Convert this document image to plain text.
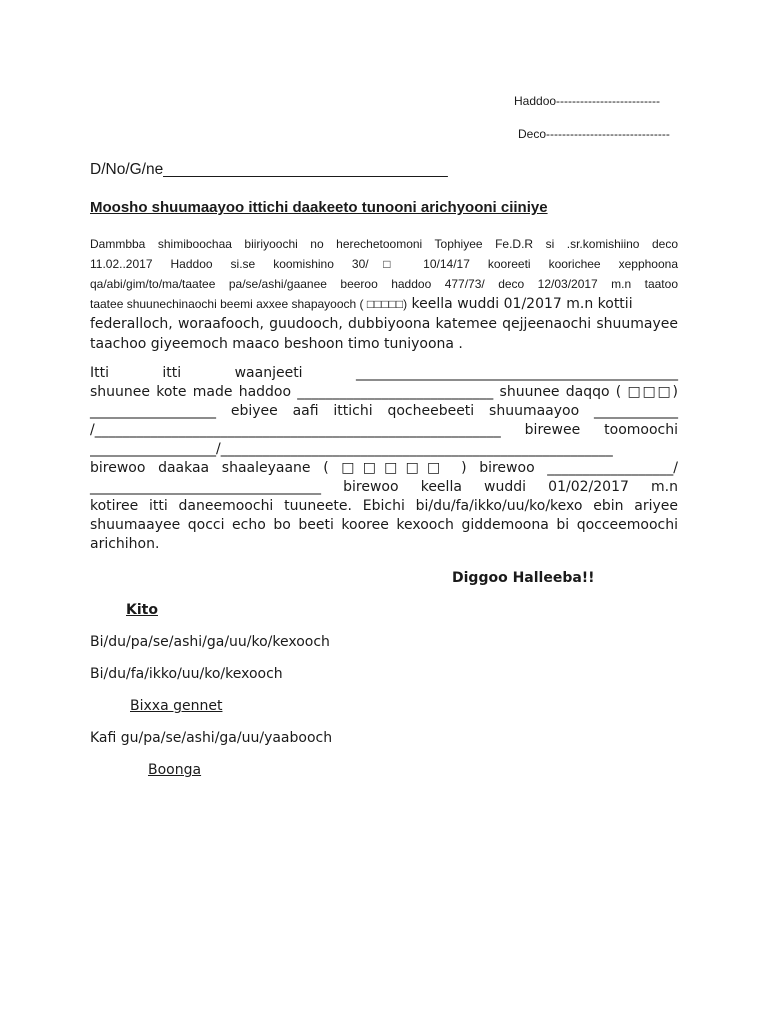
Haddoo--------------------------
Deco-------------------------------
D/No/G/ne_________________________________
Moosho shuumaayoo ittichi daakeeto tunooni arichyooni ciiniye
Dammbba shimiboochaa biiriyoochi no herechetoomoni Tophiyee Fe.D.R si .sr.komishiino deco
11.02..2017 Haddoo si.se koomishino 30/□ 10/14/17 kooreeti koorichee xepphoona
qa/abi/gim/to/ma/taatee pa/se/ashi/gaanee beeroo haddoo 477/73/ deco 12/03/2017 m.n taatoo
taatee shuunechinaochi beemi axxee shapayooch ( □□□□□) keella wuddi 01/2017 m.n kottii
federalloch, woraafooch, guudooch, dubbiyoona katemee qejjeenaochi shuumayee
taachoo giyeemoch maaco beshoon timo tuniyoona .
Itti itti waanjeeti ______________________________________________
shuunee kote made haddoo ____________________________ shuunee daqqo ( □□□)
__________________ ebiyee aafi ittichi qocheebeeti shuumaayoo ____________
/__________________________________________________________ birewee toomoochi
__________________/________________________________________________________
birewoo daakaa shaaleyaane ( □□□□□ ) birewoo __________________/
_________________________________ birewoo keella wuddi 01/02/2017 m.n
kotiree itti daneemoochi tuuneete. Ebichi bi/du/fa/ikko/uu/ko/kexo ebin ariyee
shuumaayee qocci echo bo beeti kooree kexooch giddemoona bi qocceemoochi
arichihon.
Diggoo Halleeba!!
Kito
Bi/du/pa/se/ashi/ga/uu/ko/kexooch
Bi/du/fa/ikko/uu/ko/kexooch
Bixxa gennet
Kafi gu/pa/se/ashi/ga/uu/yaabooch
Boonga
